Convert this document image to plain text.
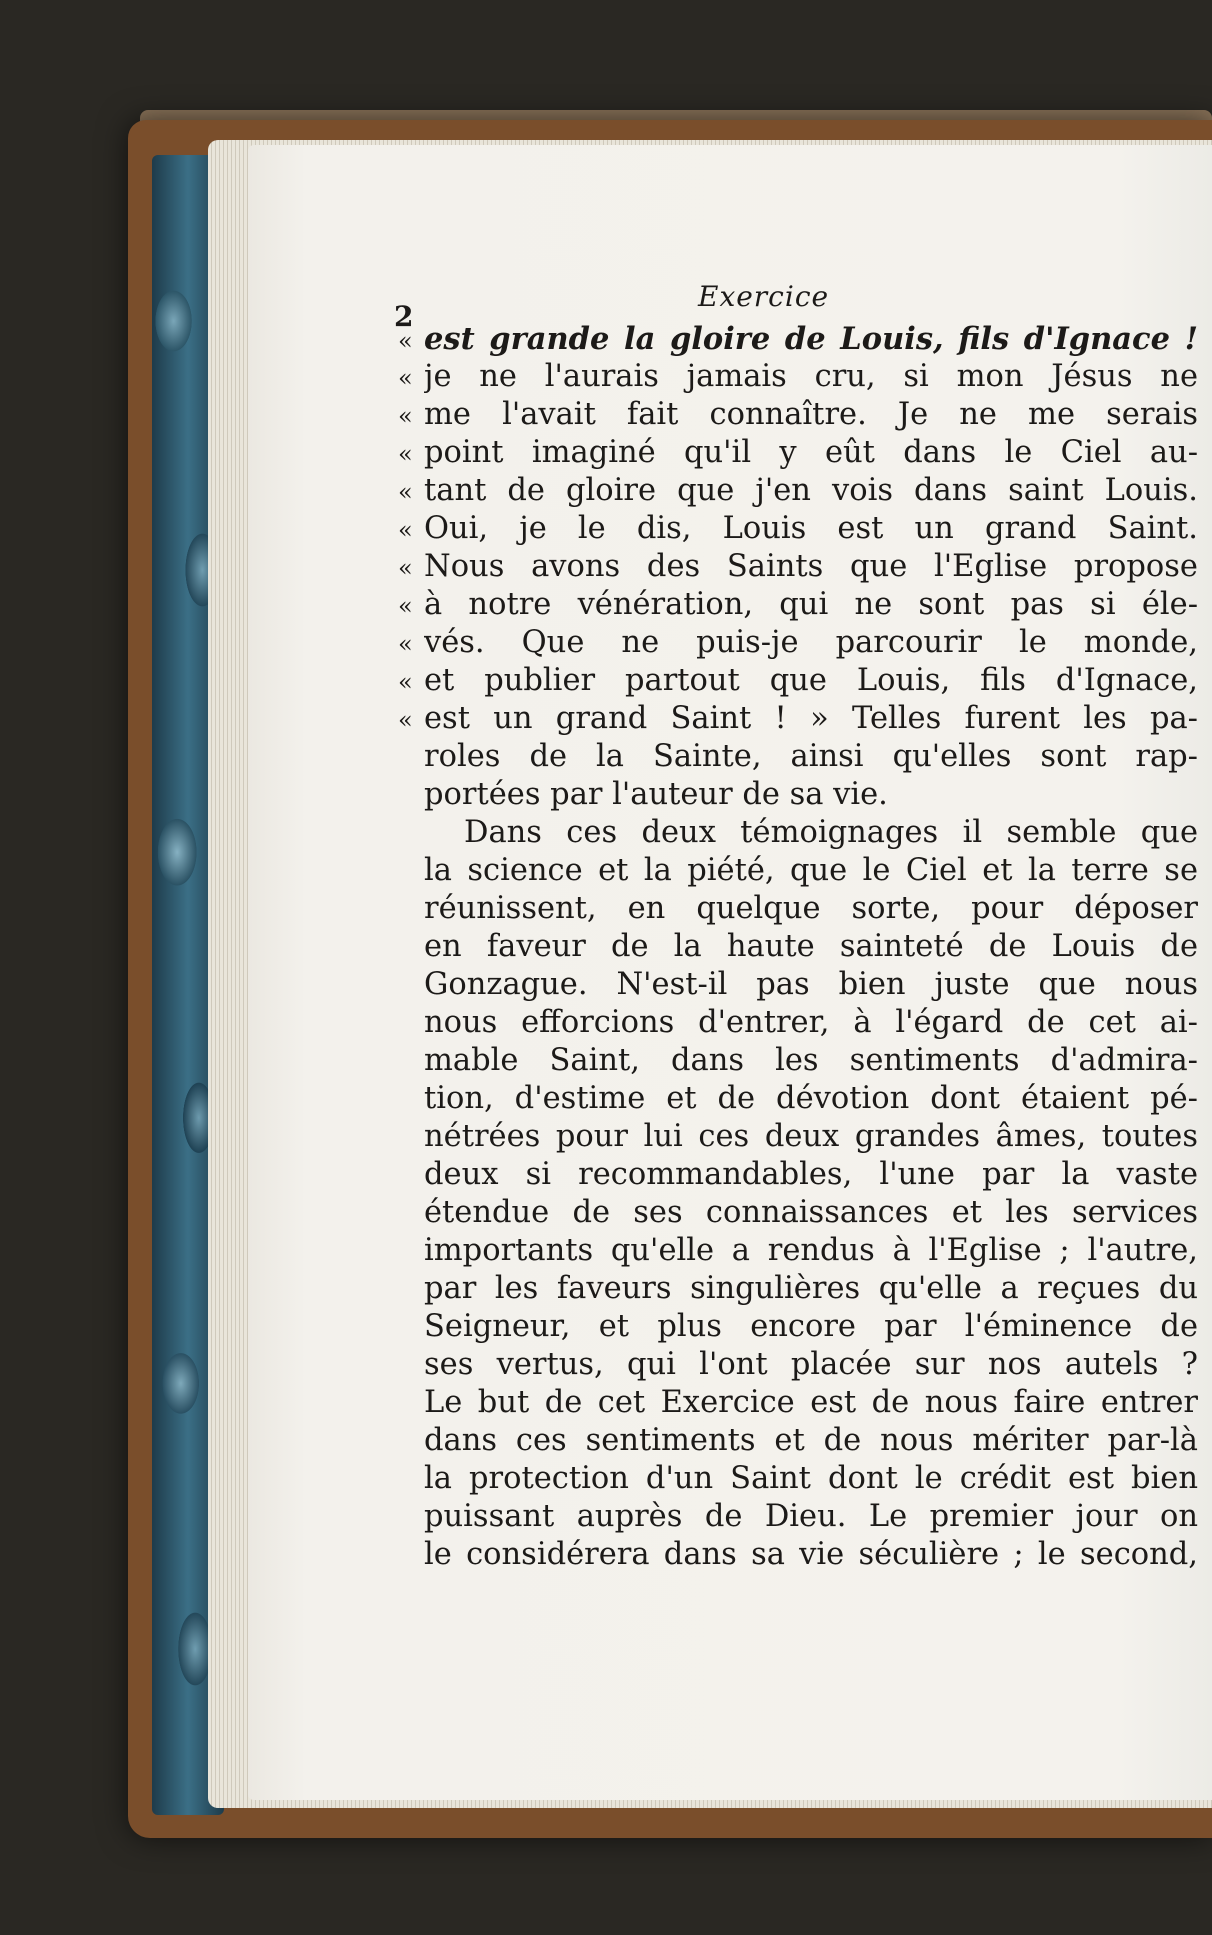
2
Exercice
« est grande la gloire de Louis, fils d'Ignace !
« je ne l'aurais jamais cru, si mon Jésus ne
« me l'avait fait connaître. Je ne me serais
« point imaginé qu'il y eût dans le Ciel au-
« tant de gloire que j'en vois dans saint Louis.
« Oui, je le dis, Louis est un grand Saint.
« Nous avons des Saints que l'Eglise propose
« à notre vénération, qui ne sont pas si éle-
« vés. Que ne puis-je parcourir le monde,
« et publier partout que Louis, fils d'Ignace,
« est un grand Saint ! » Telles furent les pa-
roles de la Sainte, ainsi qu'elles sont rap-
portées par l'auteur de sa vie.
Dans ces deux témoignages il semble que
la science et la piété, que le Ciel et la terre se
réunissent, en quelque sorte, pour déposer
en faveur de la haute sainteté de Louis de
Gonzague. N'est-il pas bien juste que nous
nous efforcions d'entrer, à l'égard de cet ai-
mable Saint, dans les sentiments d'admira-
tion, d'estime et de dévotion dont étaient pé-
nétrées pour lui ces deux grandes âmes, toutes
deux si recommandables, l'une par la vaste
étendue de ses connaissances et les services
importants qu'elle a rendus à l'Eglise ; l'autre,
par les faveurs singulières qu'elle a reçues du
Seigneur, et plus encore par l'éminence de
ses vertus, qui l'ont placée sur nos autels ?
Le but de cet Exercice est de nous faire entrer
dans ces sentiments et de nous mériter par-là
la protection d'un Saint dont le crédit est bien
puissant auprès de Dieu. Le premier jour on
le considérera dans sa vie séculière ; le second,
